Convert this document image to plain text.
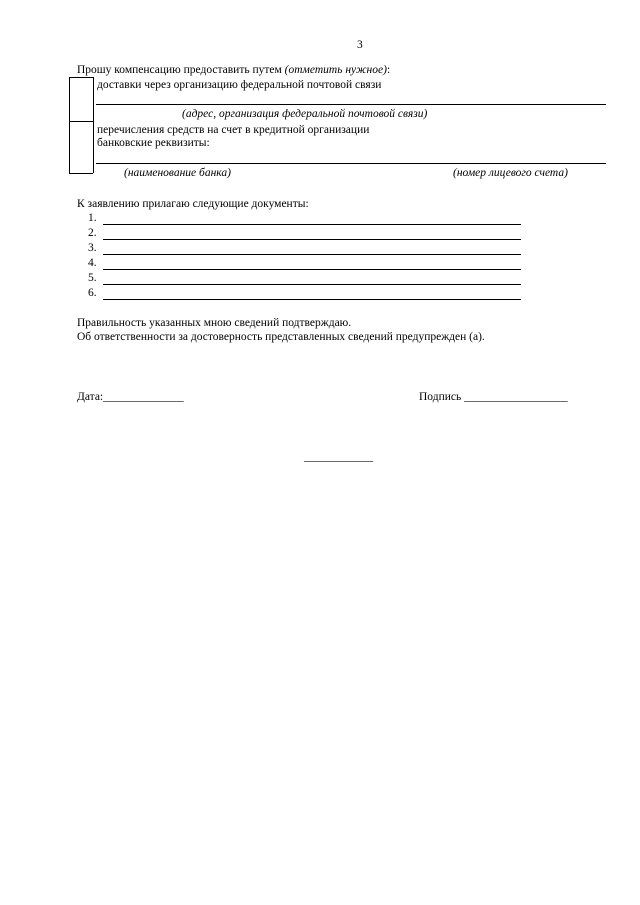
3
Прошу компенсацию предоставить путем (отметить нужное):
доставки через организацию федеральной почтовой связи
(адрес, организация федеральной почтовой связи)
перечисления средств на счет в кредитной организации
банковские реквизиты:
(наименование банка)	(номер лицевого счета)
К заявлению прилагаю следующие документы:
1.
2.
3.
4.
5.
6.
Правильность указанных мною сведений подтверждаю.
Об ответственности за достоверность представленных сведений предупрежден (а).
Дата:______________	Подпись __________________
____________
